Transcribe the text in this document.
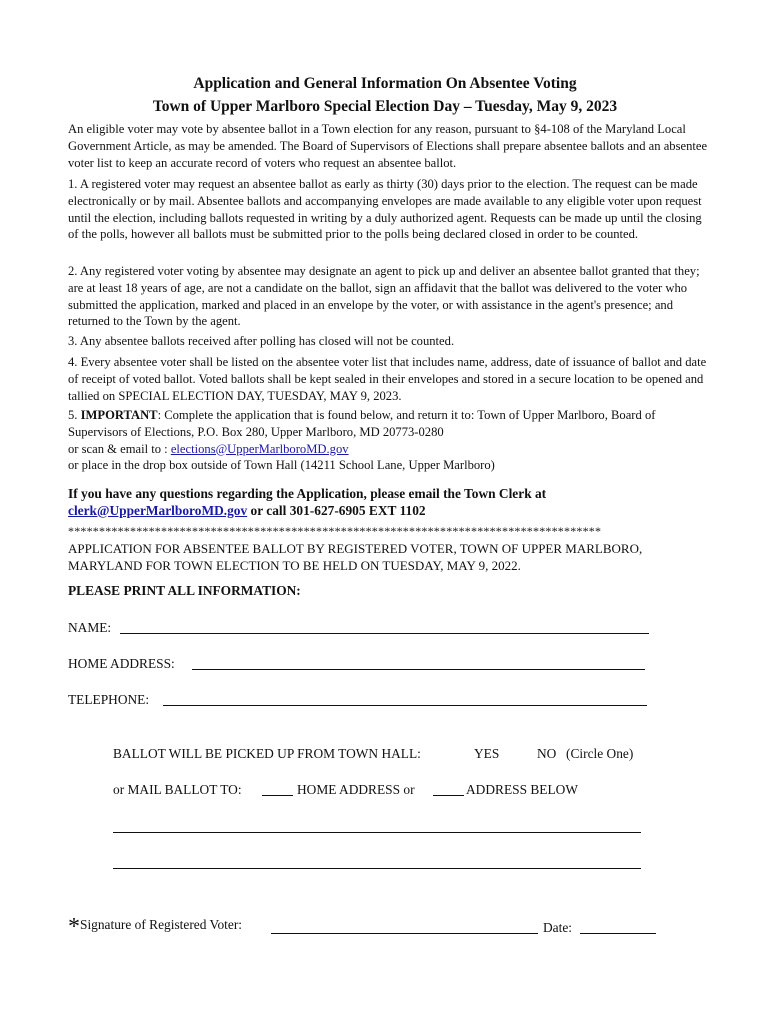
Application and General Information On Absentee Voting
Town of Upper Marlboro Special Election Day – Tuesday, May 9, 2023
An eligible voter may vote by absentee ballot in a Town election for any reason, pursuant to §4-108 of the Maryland Local Government Article, as may be amended. The Board of Supervisors of Elections shall prepare absentee ballots and an absentee voter list to keep an accurate record of voters who request an absentee ballot.
1. A registered voter may request an absentee ballot as early as thirty (30) days prior to the election. The request can be made electronically or by mail. Absentee ballots and accompanying envelopes are made available to any eligible voter upon request until the election, including ballots requested in writing by a duly authorized agent. Requests can be made up until the closing of the polls, however all ballots must be submitted prior to the polls being declared closed in order to be counted.
2. Any registered voter voting by absentee may designate an agent to pick up and deliver an absentee ballot granted that they; are at least 18 years of age, are not a candidate on the ballot, sign an affidavit that the ballot was delivered to the voter who submitted the application, marked and placed in an envelope by the voter, or with assistance in the agent's presence; and returned to the Town by the agent.
3. Any absentee ballots received after polling has closed will not be counted.
4. Every absentee voter shall be listed on the absentee voter list that includes name, address, date of issuance of ballot and date of receipt of voted ballot. Voted ballots shall be kept sealed in their envelopes and stored in a secure location to be opened and tallied on SPECIAL ELECTION DAY, TUESDAY, MAY 9, 2023.
5. IMPORTANT: Complete the application that is found below, and return it to: Town of Upper Marlboro, Board of Supervisors of Elections, P.O. Box 280, Upper Marlboro, MD 20773-0280
or scan & email to : elections@UpperMarlboroMD.gov
or place in the drop box outside of Town Hall (14211 School Lane, Upper Marlboro)
If you have any questions regarding the Application, please email the Town Clerk at
clerk@UpperMarlboroMD.gov or call 301-627-6905 EXT 1102
**************************************************************************************
APPLICATION FOR ABSENTEE BALLOT BY REGISTERED VOTER, TOWN OF UPPER MARLBORO, MARYLAND FOR TOWN ELECTION TO BE HELD ON TUESDAY, MAY 9, 2022.
PLEASE PRINT ALL INFORMATION:
NAME:
HOME ADDRESS:
TELEPHONE:
BALLOT WILL BE PICKED UP FROM TOWN HALL:	YES	NO (Circle One)
or MAIL BALLOT TO:	HOME ADDRESS or	ADDRESS BELOW
*Signature of Registered Voter:	Date:
